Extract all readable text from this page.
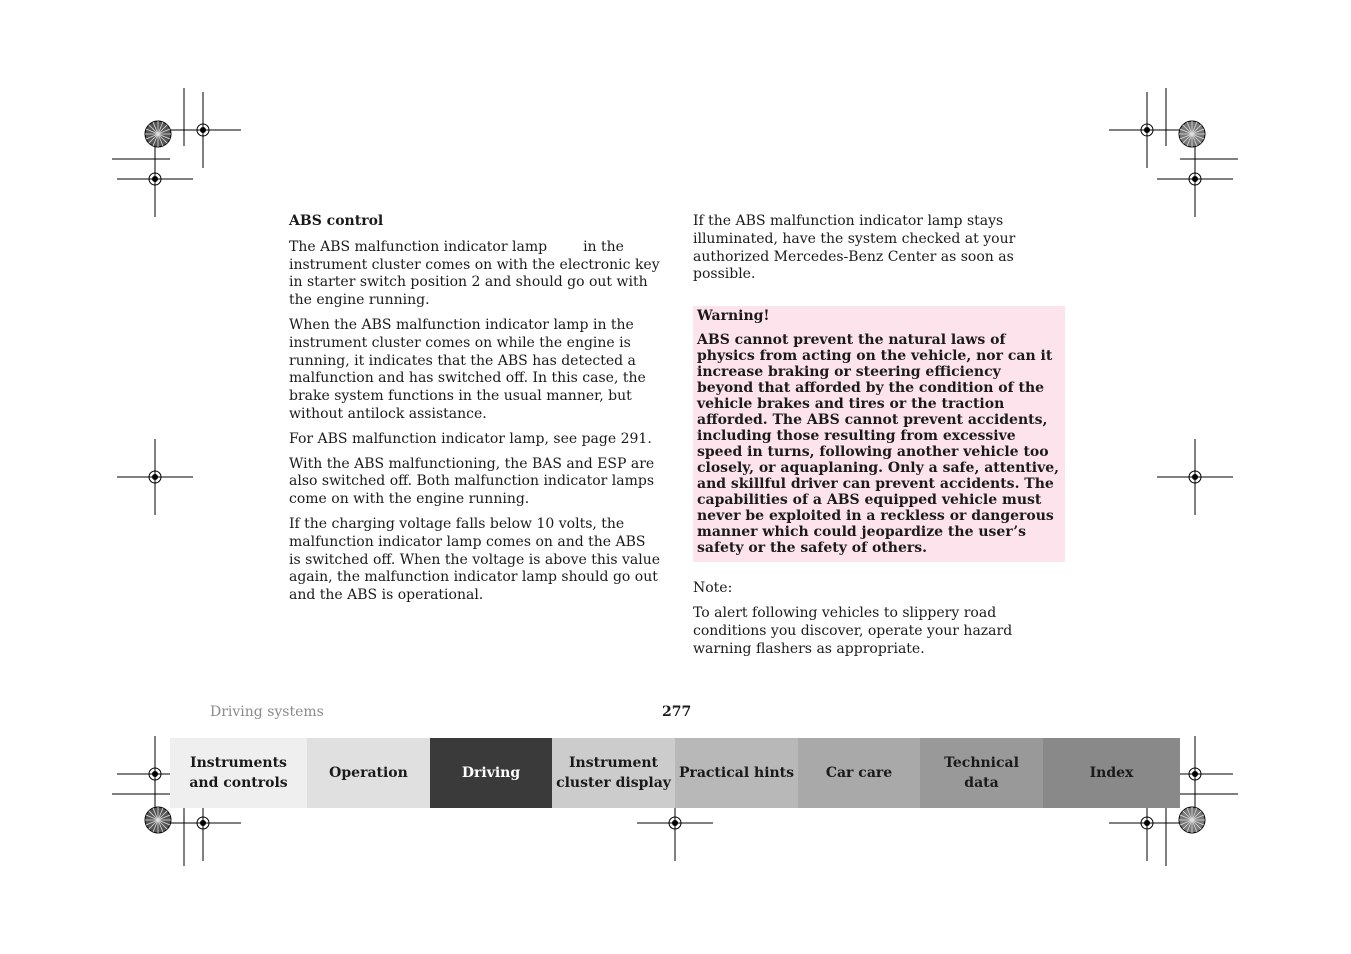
ABS control

The ABS malfunction indicator lamp	in the instrument cluster comes on with the electronic key in starter switch position 2 and should go out with the engine running.

When the ABS malfunction indicator lamp in the instrument cluster comes on while the engine is running, it indicates that the ABS has detected a malfunction and has switched off. In this case, the brake system functions in the usual manner, but without antilock assistance.

For ABS malfunction indicator lamp, see page 291.

With the ABS malfunctioning, the BAS and ESP are also switched off. Both malfunction indicator lamps come on with the engine running.

If the charging voltage falls below 10 volts, the malfunction indicator lamp comes on and the ABS is switched off. When the voltage is above this value again, the malfunction indicator lamp should go out and the ABS is operational.

If the ABS malfunction indicator lamp stays illuminated, have the system checked at your authorized Mercedes-Benz Center as soon as possible.

Warning!

ABS cannot prevent the natural laws of physics from acting on the vehicle, nor can it increase braking or steering efficiency beyond that afforded by the condition of the vehicle brakes and tires or the traction afforded. The ABS cannot prevent accidents, including those resulting from excessive speed in turns, following another vehicle too closely, or aquaplaning. Only a safe, attentive, and skillful driver can prevent accidents. The capabilities of a ABS equipped vehicle must never be exploited in a reckless or dangerous manner which could jeopardize the user’s safety or the safety of others.

Note:

To alert following vehicles to slippery road conditions you discover, operate your hazard warning flashers as appropriate.

Driving systems	277
Instruments
and controls
Operation	Driving
Instrument
cluster display
Practical hints	Car care
Technical
data
Index
